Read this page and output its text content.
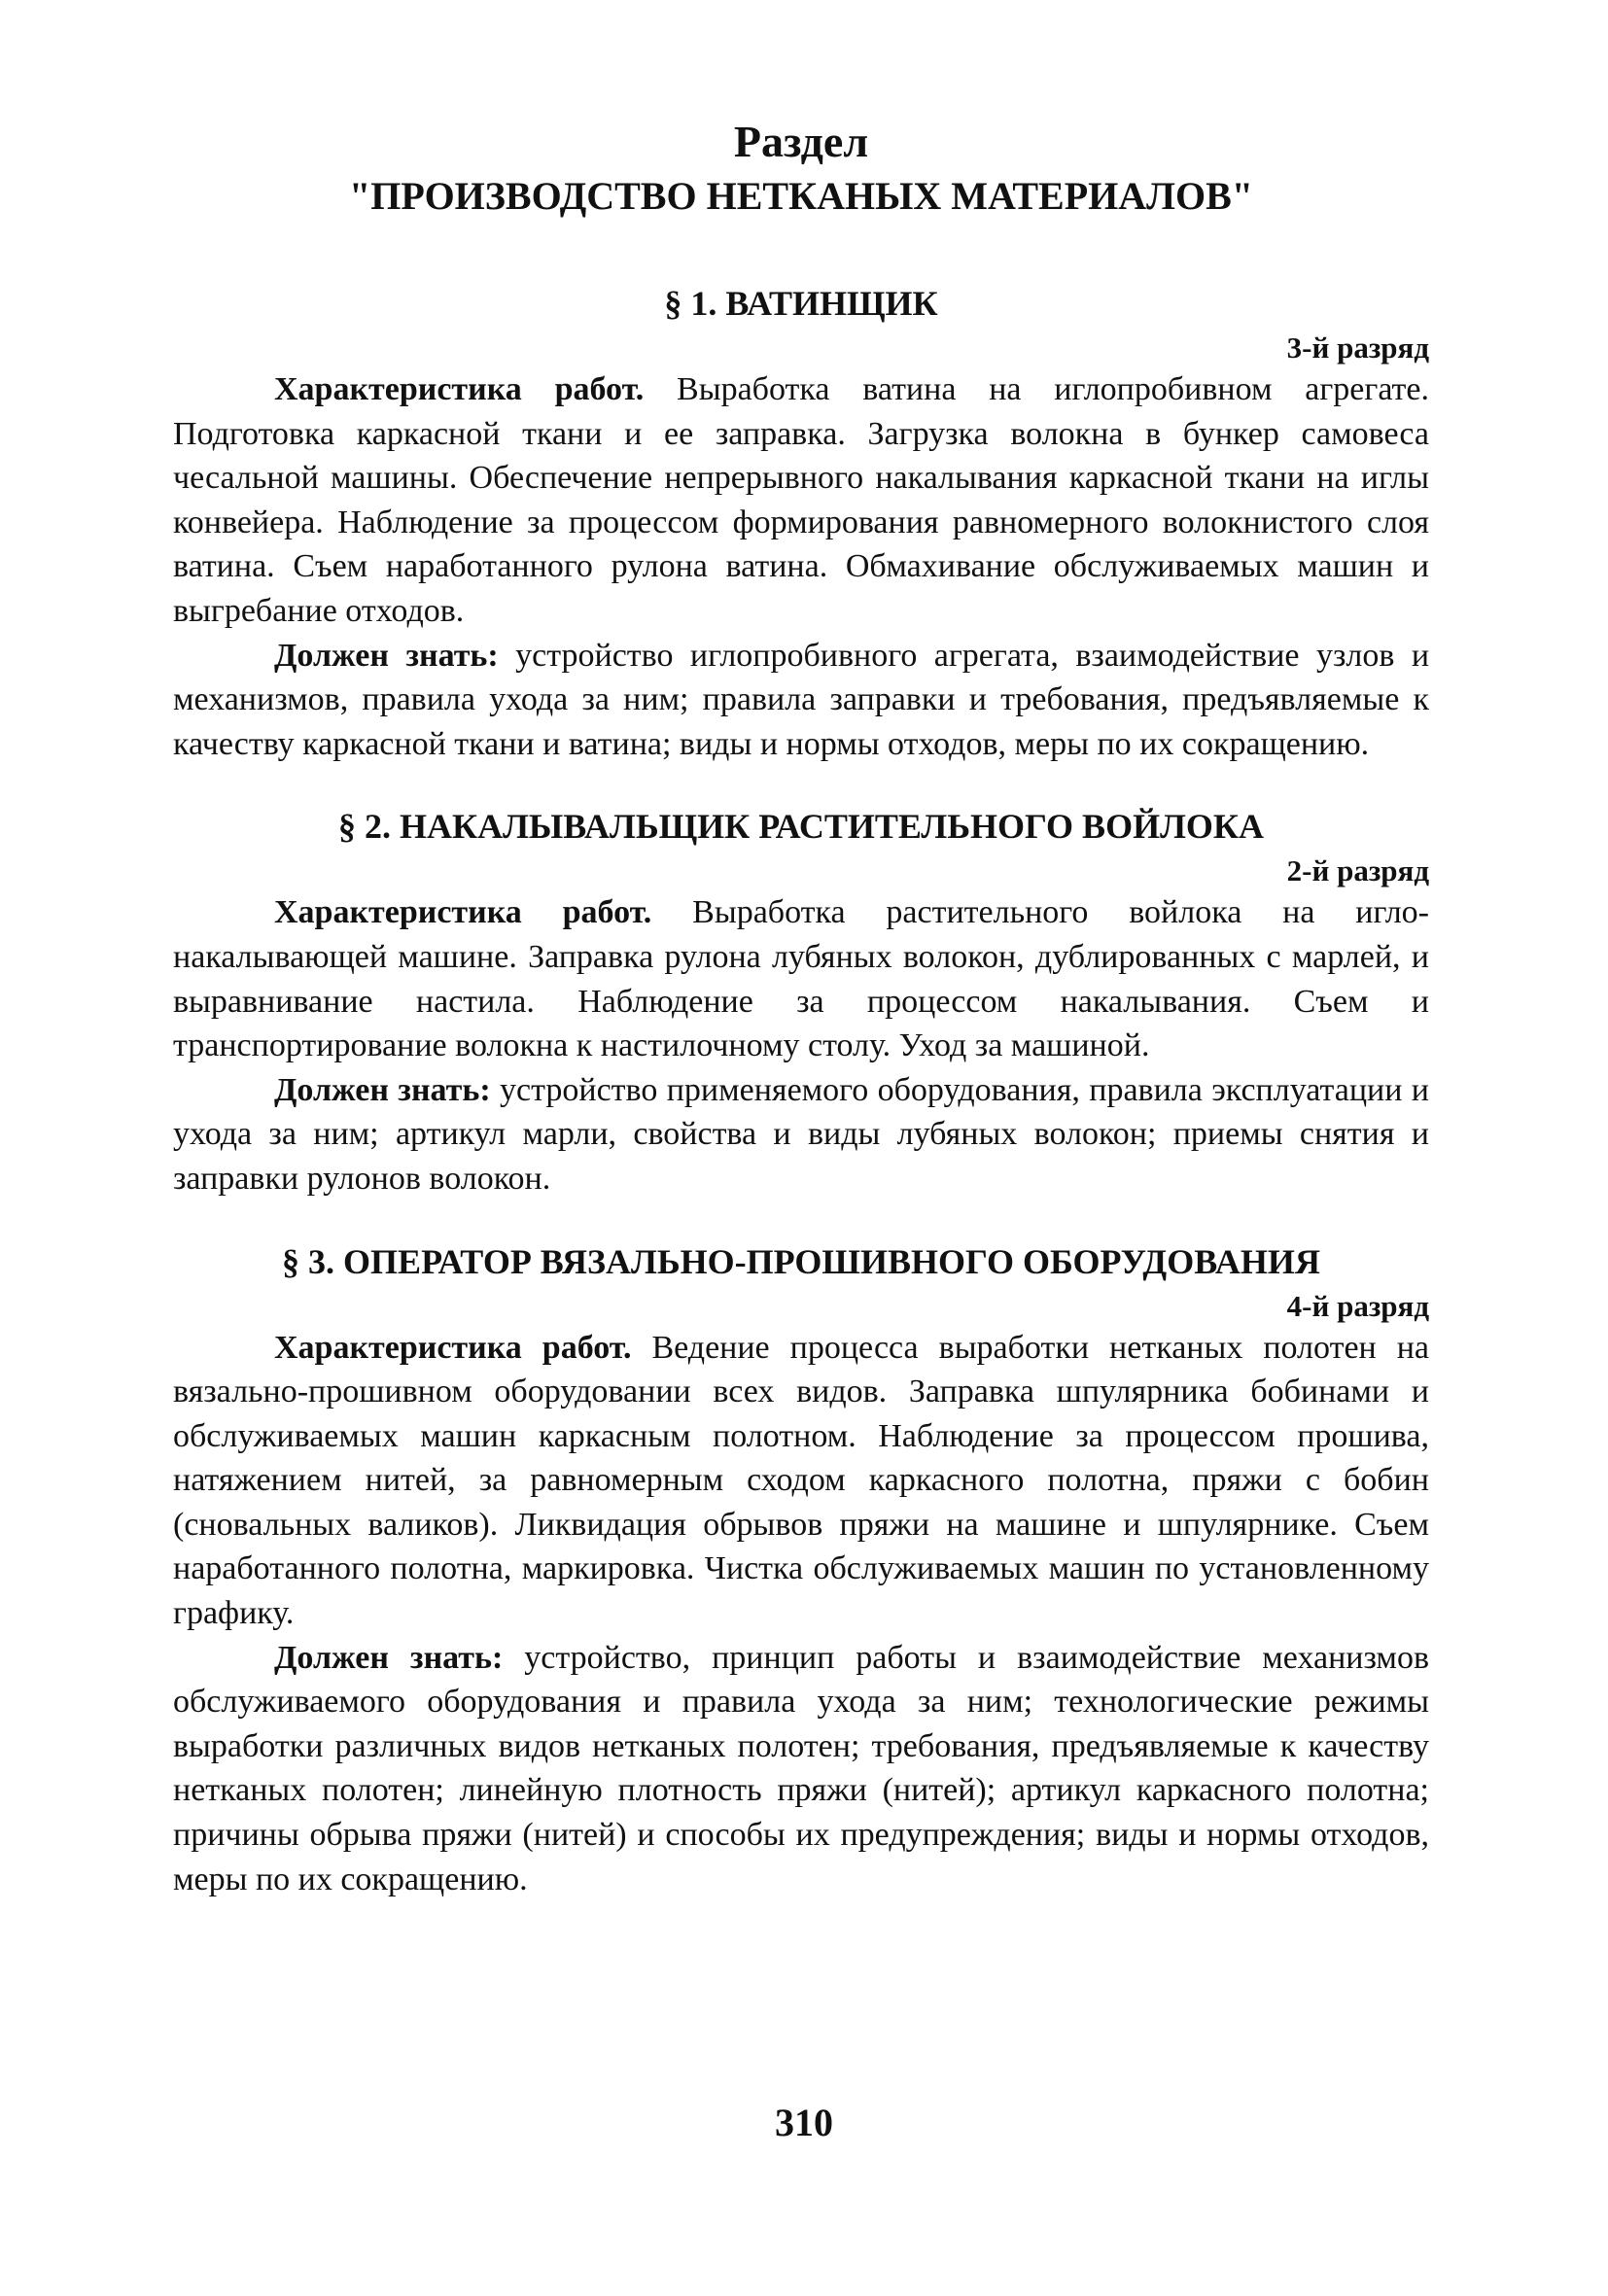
Раздел
"ПРОИЗВОДСТВО НЕТКАНЫХ МАТЕРИАЛОВ"
§ 1. ВАТИНЩИК

3-й разряд

Характеристика работ. Выработка ватина на иглопробивном агрегате. Подготовка каркасной ткани и ее заправка. Загрузка волокна в бункер самовеса чесальной машины. Обеспечение непрерывного накалывания каркасной ткани на иглы конвейера. Наблюдение за процессом формирования равномерного волокнистого слоя ватина. Съем наработанного рулона ватина. Обмахивание обслуживаемых машин и выгребание отходов.

Должен знать: устройство иглопробивного агрегата, взаимодействие узлов и механизмов, правила ухода за ним; правила заправки и требования, предъявляемые к качеству каркасной ткани и ватина; виды и нормы отходов, меры по их сокращению.

§ 2. НАКАЛЫВАЛЬЩИК РАСТИТЕЛЬНОГО ВОЙЛОКА

2-й разряд

Характеристика работ. Выработка растительного войлока на игло-накалывающей машине. Заправка рулона лубяных волокон, дублированных с марлей, и выравнивание настила. Наблюдение за процессом накалывания. Съем и транспортирование волокна к настилочному столу. Уход за машиной.

Должен знать: устройство применяемого оборудования, правила эксплуатации и ухода за ним; артикул марли, свойства и виды лубяных волокон; приемы снятия и заправки рулонов волокон.

§ 3. ОПЕРАТОР ВЯЗАЛЬНО-ПРОШИВНОГО ОБОРУДОВАНИЯ

4-й разряд

Характеристика работ. Ведение процесса выработки нетканых полотен на вязально-прошивном оборудовании всех видов. Заправка шпулярника бобинами и обслуживаемых машин каркасным полотном. Наблюдение за процессом прошива, натяжением нитей, за равномерным сходом каркасного полотна, пряжи с бобин (сновальных валиков). Ликвидация обрывов пряжи на машине и шпулярнике. Съем наработанного полотна, маркировка. Чистка обслуживаемых машин по установленному графику.

Должен знать: устройство, принцип работы и взаимодействие механизмов обслуживаемого оборудования и правила ухода за ним; технологические режимы выработки различных видов нетканых полотен; требования, предъявляемые к качеству нетканых полотен; линейную плотность пряжи (нитей); артикул каркасного полотна; причины обрыва пряжи (нитей) и способы их предупреждения; виды и нормы отходов, меры по их сокращению.

310
